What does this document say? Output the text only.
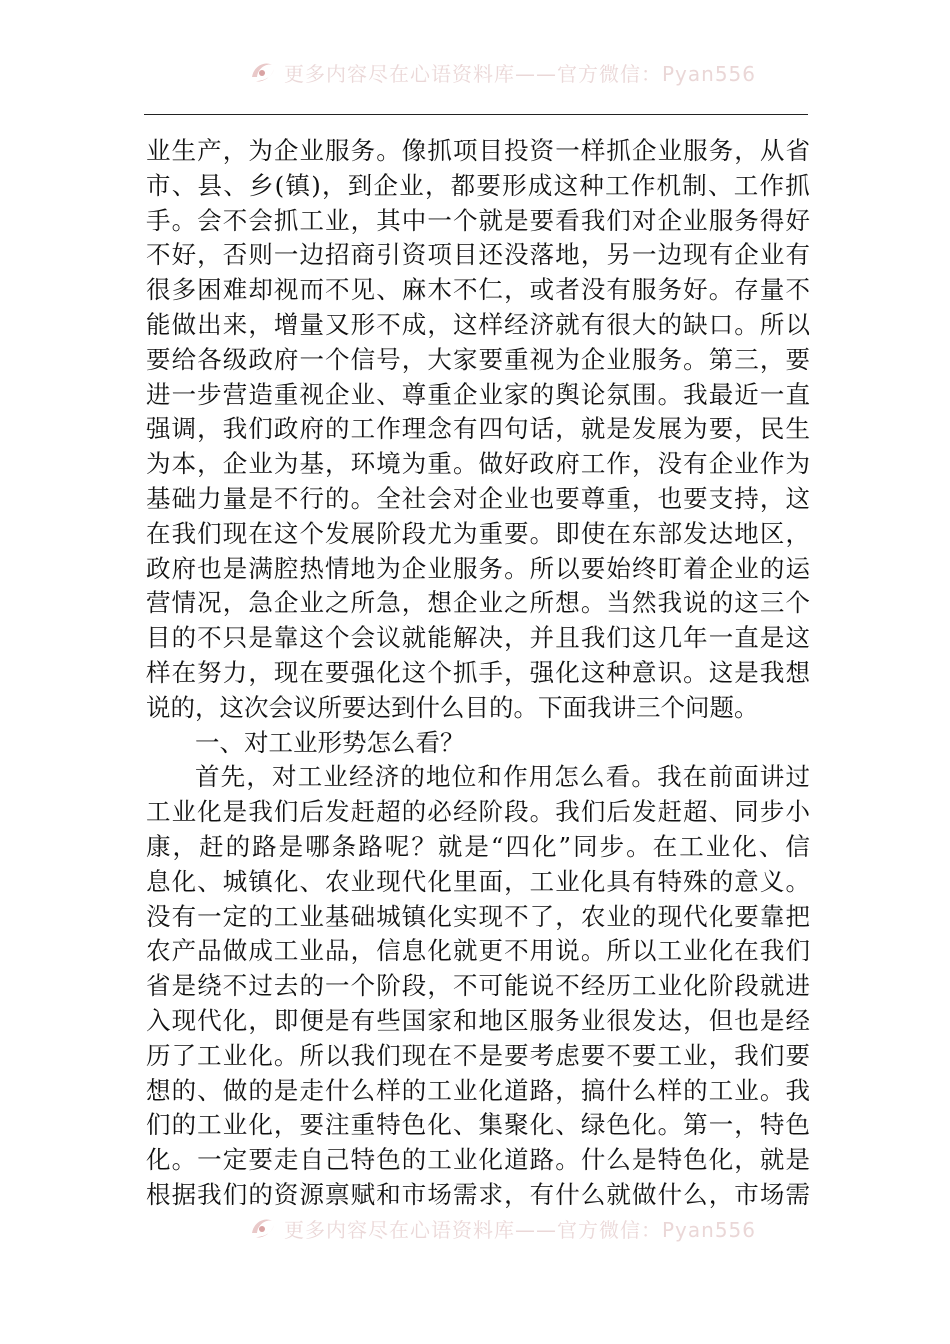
更多内容尽在心语资料库——官方微信：Pyan556
业 生 产 ， 为 企 业 服 务 。 像 抓 项 目 投 资 一 样 抓 企 业 服 务 ， 从 省
市 、 县 、 乡 ( 镇 ) ， 到 企 业 ， 都 要 形 成 这 种 工 作 机 制 、 工 作 抓
手 。 会 不 会 抓 工 业 ， 其 中 一 个 就 是 要 看 我 们 对 企 业 服 务 得 好
不 好 ， 否 则 一 边 招 商 引 资 项 目 还 没 落 地 ， 另 一 边 现 有 企 业 有
很 多 困 难 却 视 而 不 见 、 麻 木 不 仁 ， 或 者 没 有 服 务 好 。 存 量 不
能 做 出 来 ， 增 量 又 形 不 成 ， 这 样 经 济 就 有 很 大 的 缺 口 。 所 以
要 给 各 级 政 府 一 个 信 号 ， 大 家 要 重 视 为 企 业 服 务 。 第 三 ， 要
进 一 步 营 造 重 视 企 业 、 尊 重 企 业 家 的 舆 论 氛 围 。 我 最 近 一 直
强 调 ， 我 们 政 府 的 工 作 理 念 有 四 句 话 ， 就 是 发 展 为 要 ， 民 生
为 本 ， 企 业 为 基 ， 环 境 为 重 。 做 好 政 府 工 作 ， 没 有 企 业 作 为
基 础 力 量 是 不 行 的 。 全 社 会 对 企 业 也 要 尊 重 ， 也 要 支 持 ， 这
在 我 们 现 在 这 个 发 展 阶 段 尤 为 重 要 。 即 使 在 东 部 发 达 地 区 ，
政 府 也 是 满 腔 热 情 地 为 企 业 服 务 。 所 以 要 始 终 盯 着 企 业 的 运
营 情 况 ， 急 企 业 之 所 急 ， 想 企 业 之 所 想 。 当 然 我 说 的 这 三 个
目 的 不 只 是 靠 这 个 会 议 就 能 解 决 ， 并 且 我 们 这 几 年 一 直 是 这
样 在 努 力 ， 现 在 要 强 化 这 个 抓 手 ， 强 化 这 种 意 识 。 这 是 我 想
说的，这次会议所要达到什么目的。下面我讲三个问题。
一、对工业形势怎么看？
首 先 ， 对 工 业 经 济 的 地 位 和 作 用 怎 么 看 。 我 在 前 面 讲 过
工 业 化 是 我 们 后 发 赶 超 的 必 经 阶 段 。 我 们 后 发 赶 超 、 同 步 小
康 ， 赶 的 路 是 哪 条 路 呢 ？ 就 是 “ 四 化 ” 同 步 。 在 工 业 化 、 信
息 化 、 城 镇 化 、 农 业 现 代 化 里 面 ， 工 业 化 具 有 特 殊 的 意 义 。
没 有 一 定 的 工 业 基 础 城 镇 化 实 现 不 了 ， 农 业 的 现 代 化 要 靠 把
农 产 品 做 成 工 业 品 ， 信 息 化 就 更 不 用 说 。 所 以 工 业 化 在 我 们
省 是 绕 不 过 去 的 一 个 阶 段 ， 不 可 能 说 不 经 历 工 业 化 阶 段 就 进
入 现 代 化 ， 即 便 是 有 些 国 家 和 地 区 服 务 业 很 发 达 ， 但 也 是 经
历 了 工 业 化 。 所 以 我 们 现 在 不 是 要 考 虑 要 不 要 工 业 ， 我 们 要
想 的 、 做 的 是 走 什 么 样 的 工 业 化 道 路 ， 搞 什 么 样 的 工 业 。 我
们 的 工 业 化 ， 要 注 重 特 色 化 、 集 聚 化 、 绿 色 化 。 第 一 ， 特 色
化 。 一 定 要 走 自 己 特 色 的 工 业 化 道 路 。 什 么 是 特 色 化 ， 就 是
根 据 我 们 的 资 源 禀 赋 和 市 场 需 求 ， 有 什 么 就 做 什 么 ， 市 场 需
更多内容尽在心语资料库——官方微信：Pyan556
